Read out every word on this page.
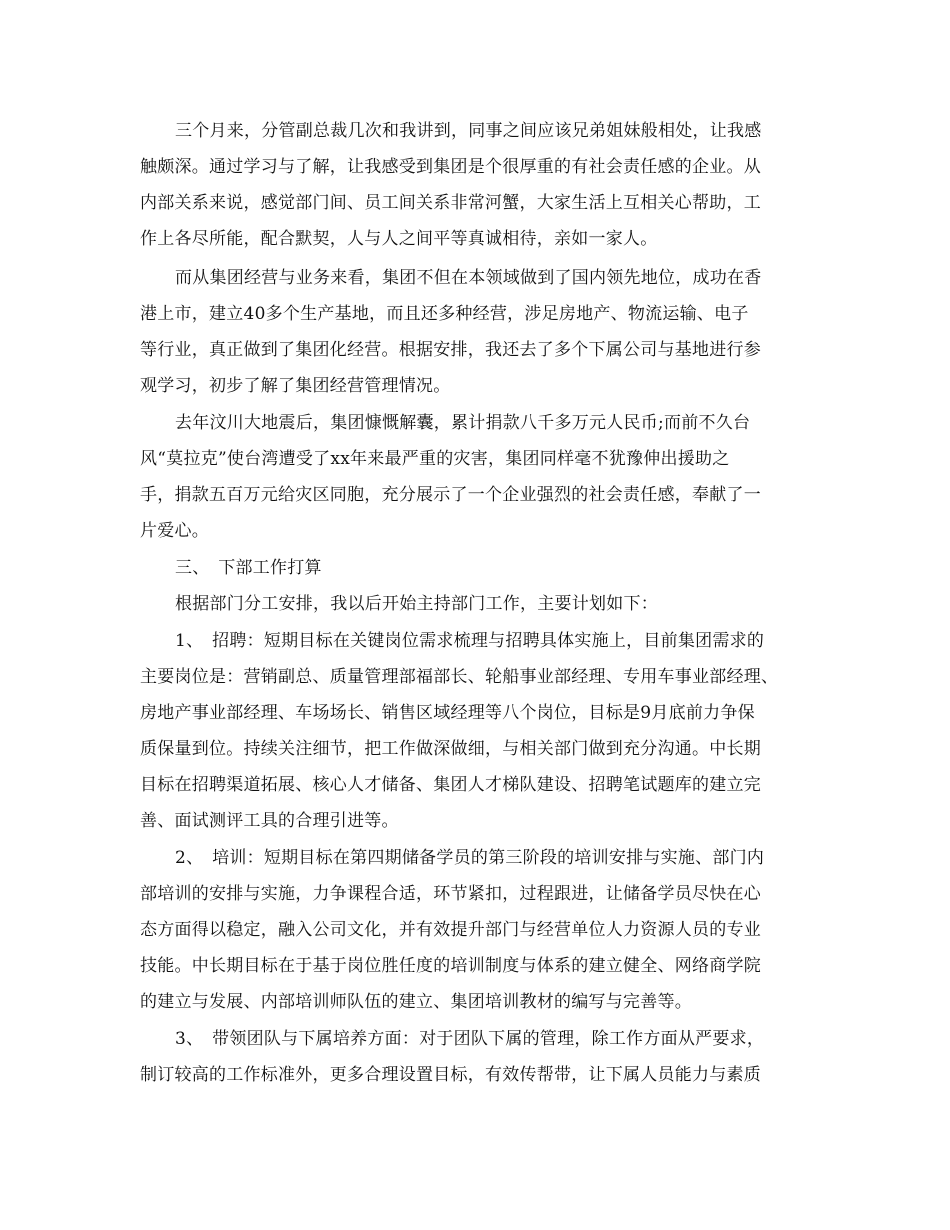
三个月来，分管副总裁几次和我讲到，同事之间应该兄弟姐妹般相处，让我感
触颇深。通过学习与了解，让我感受到集团是个很厚重的有社会责任感的企业。从
内部关系来说，感觉部门间、员工间关系非常河蟹，大家生活上互相关心帮助，工
作上各尽所能，配合默契，人与人之间平等真诚相待，亲如一家人。
而从集团经营与业务来看，集团不但在本领域做到了国内领先地位，成功在香
港上市，建立40多个生产基地，而且还多种经营，涉足房地产、物流运输、电子
等行业，真正做到了集团化经营。根据安排，我还去了多个下属公司与基地进行参
观学习，初步了解了集团经营管理情况。
去年汶川大地震后，集团慷慨解囊，累计捐款八千多万元人民币;而前不久台
风“莫拉克”使台湾遭受了xx年来最严重的灾害，集团同样毫不犹豫伸出援助之
手，捐款五百万元给灾区同胞，充分展示了一个企业强烈的社会责任感，奉献了一
片爱心。
三、　下部工作打算
根据部门分工安排，我以后开始主持部门工作，主要计划如下：
1、　招聘：短期目标在关键岗位需求梳理与招聘具体实施上，目前集团需求的
主要岗位是：营销副总、质量管理部福部长、轮船事业部经理、专用车事业部经理、
房地产事业部经理、车场场长、销售区域经理等八个岗位，目标是9月底前力争保
质保量到位。持续关注细节，把工作做深做细，与相关部门做到充分沟通。中长期
目标在招聘渠道拓展、核心人才储备、集团人才梯队建设、招聘笔试题库的建立完
善、面试测评工具的合理引进等。
2、　培训：短期目标在第四期储备学员的第三阶段的培训安排与实施、部门内
部培训的安排与实施，力争课程合适，环节紧扣，过程跟进，让储备学员尽快在心
态方面得以稳定，融入公司文化，并有效提升部门与经营单位人力资源人员的专业
技能。中长期目标在于基于岗位胜任度的培训制度与体系的建立健全、网络商学院
的建立与发展、内部培训师队伍的建立、集团培训教材的编写与完善等。
3、　带领团队与下属培养方面：对于团队下属的管理，除工作方面从严要求，
制订较高的工作标准外，更多合理设置目标，有效传帮带，让下属人员能力与素质
